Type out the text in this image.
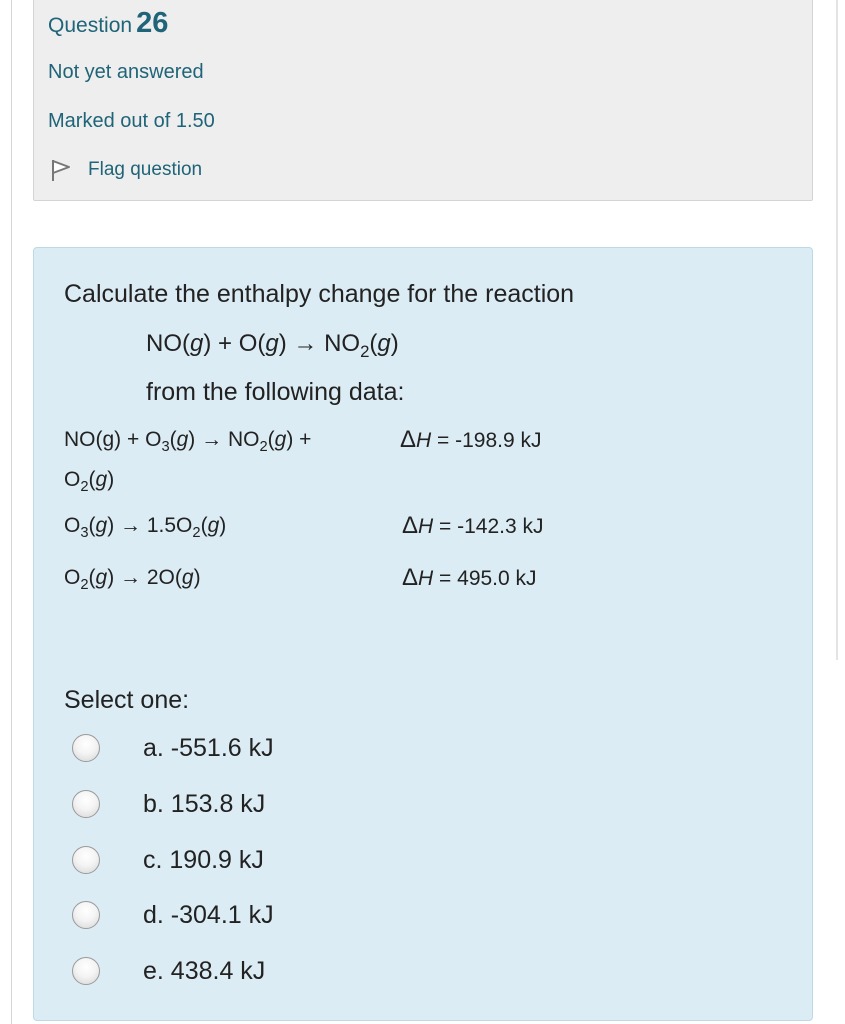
Question 26
Not yet answered
Marked out of 1.50
Flag question
Calculate the enthalpy change for the reaction
$NO(g) + O(g) \to NO_2(g)$
from the following data:
$NO(g) + O_3(g) \to NO_2(g)$ +
$O_2(g)$
ΔH = -198.9 kJ
$O_3(g) \to 1.5O_2(g)$	ΔH = -142.3 kJ
$O_2(g) \to 2O(g)$	ΔH = 495.0 kJ
Select one:
a. -551.6 kJ
b. 153.8 kJ
c. 190.9 kJ
d. -304.1 kJ
e. 438.4 kJ
